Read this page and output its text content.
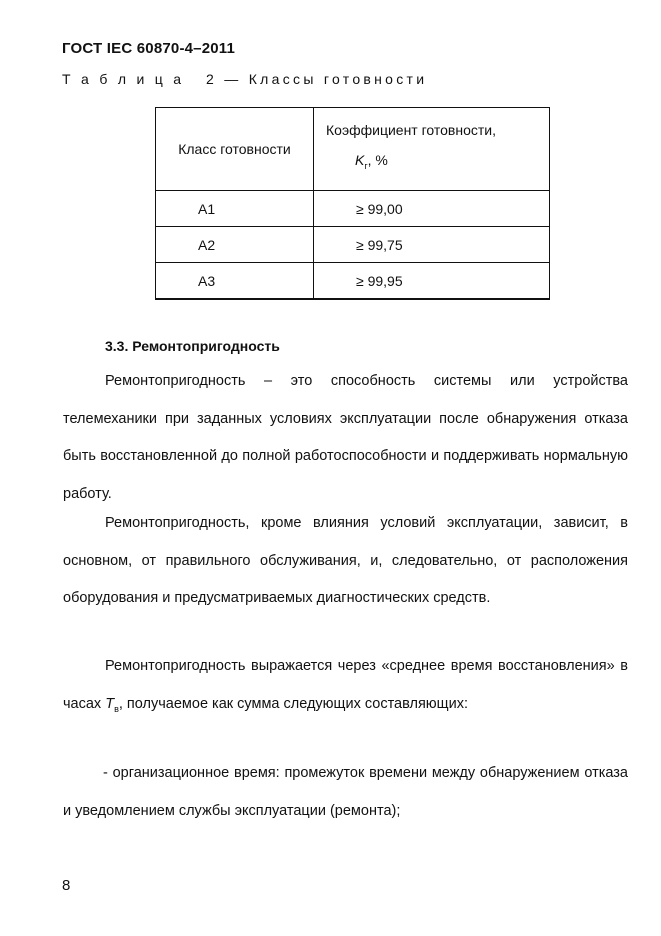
ГОСТ IEC 60870-4–2011
Т а б л и ц а   2 — Классы готовности
Класс готовности	Коэффициент готовности,
$K_г$, %

А1	≥ 99,00
А2	≥ 99,75
А3	≥ 99,95
3.3. Ремонтопригодность
Ремонтопригодность – это способность системы или устройства телемеханики при заданных условиях эксплуатации после обнаружения отказа быть восстановленной до полной работоспособности и поддерживать нормальную работу.
Ремонтопригодность, кроме влияния условий эксплуатации, зависит, в основном, от правильного обслуживания, и, следовательно, от расположения оборудования и предусматриваемых диагностических средств.
Ремонтопригодность выражается через «среднее время восстановления» в часах $T_в$, получаемое как сумма следующих составляющих:
- организационное время: промежуток времени между обнаружением отказа и уведомлением службы эксплуатации (ремонта);
8
